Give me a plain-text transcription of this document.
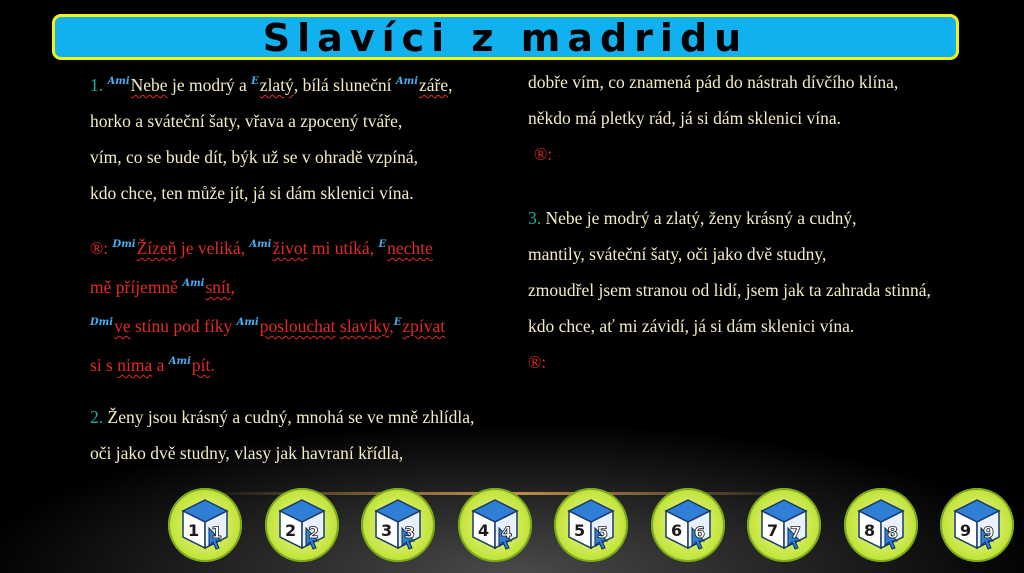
Slavíci z madridu
1. $^{Ami}$Nebe je modrý a $^E$zlatý, bílá sluneční $^{Ami}$záře,
horko a sváteční šaty, vřava a zpocený tváře,
vím, co se bude dít, býk už se v ohradě vzpíná,
kdo chce, ten může jít, já si dám sklenici vína.
®: $^{Dmi}$Žízeň je veliká, $^{Ami}$život mi utíká, $^E$nechte
mě příjemně $^{Ami}$snít,
$^{Dmi}$ve stínu pod fíky $^{Ami}$poslouchat slavíky,$^E$zpívat
si s nima a $^{Ami}$pít.
2. Ženy jsou krásný a cudný, mnohá se ve mně zhlídla,
oči jako dvě studny, vlasy jak havraní křídla,
dobře vím, co znamená pád do nástrah dívčího klína,
někdo má pletky rád, já si dám sklenici vína.
®:
3. Nebe je modrý a zlatý, ženy krásný a cudný,
mantily, sváteční šaty, oči jako dvě studny,
zmoudřel jsem stranou od lidí, jsem jak ta zahrada stinná,
kdo chce, ať mi závidí, já si dám sklenici vína.
®:
1 1	2 2	3 3	4 4	5 5	6 6	7 7	8 8	9 9
